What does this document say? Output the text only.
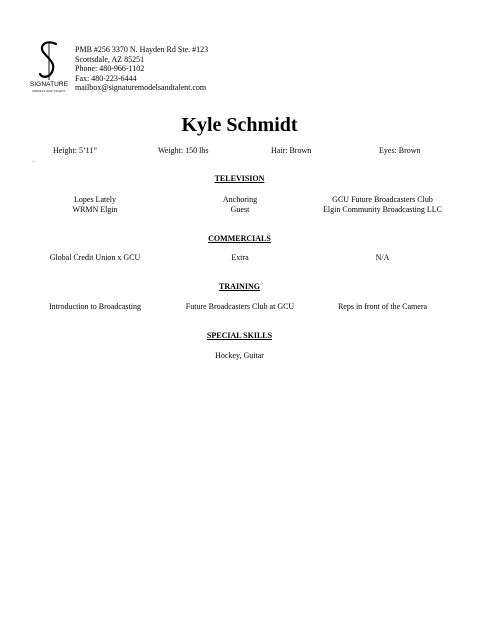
SIGNATURE
MODELS AND TALENT
PMB #256 3370 N. Hayden Rd Ste. #123
Scottsdale, AZ 85251
Phone: 480-966-1102
Fax: 480-223-6444
mailbox@signaturemodelsandtalent.com
Kyle Schmidt
Height: 5’11”	Weight: 150 lbs	Hair: Brown	Eyes: Brown
.
TELEVISION
Lopes Lately	Anchoring	GCU Future Broadcasters Club
WRMN Elgin	Guest	Elgin Community Broadcasting LLC
COMMERCIALS
Global Credit Union x GCU	Extra	N/A
TRAINING
Introduction to Broadcasting	Future Broadcasters Club at GCU	Reps in front of the Camera
SPECIAL SKILLS
Hockey, Guitar
